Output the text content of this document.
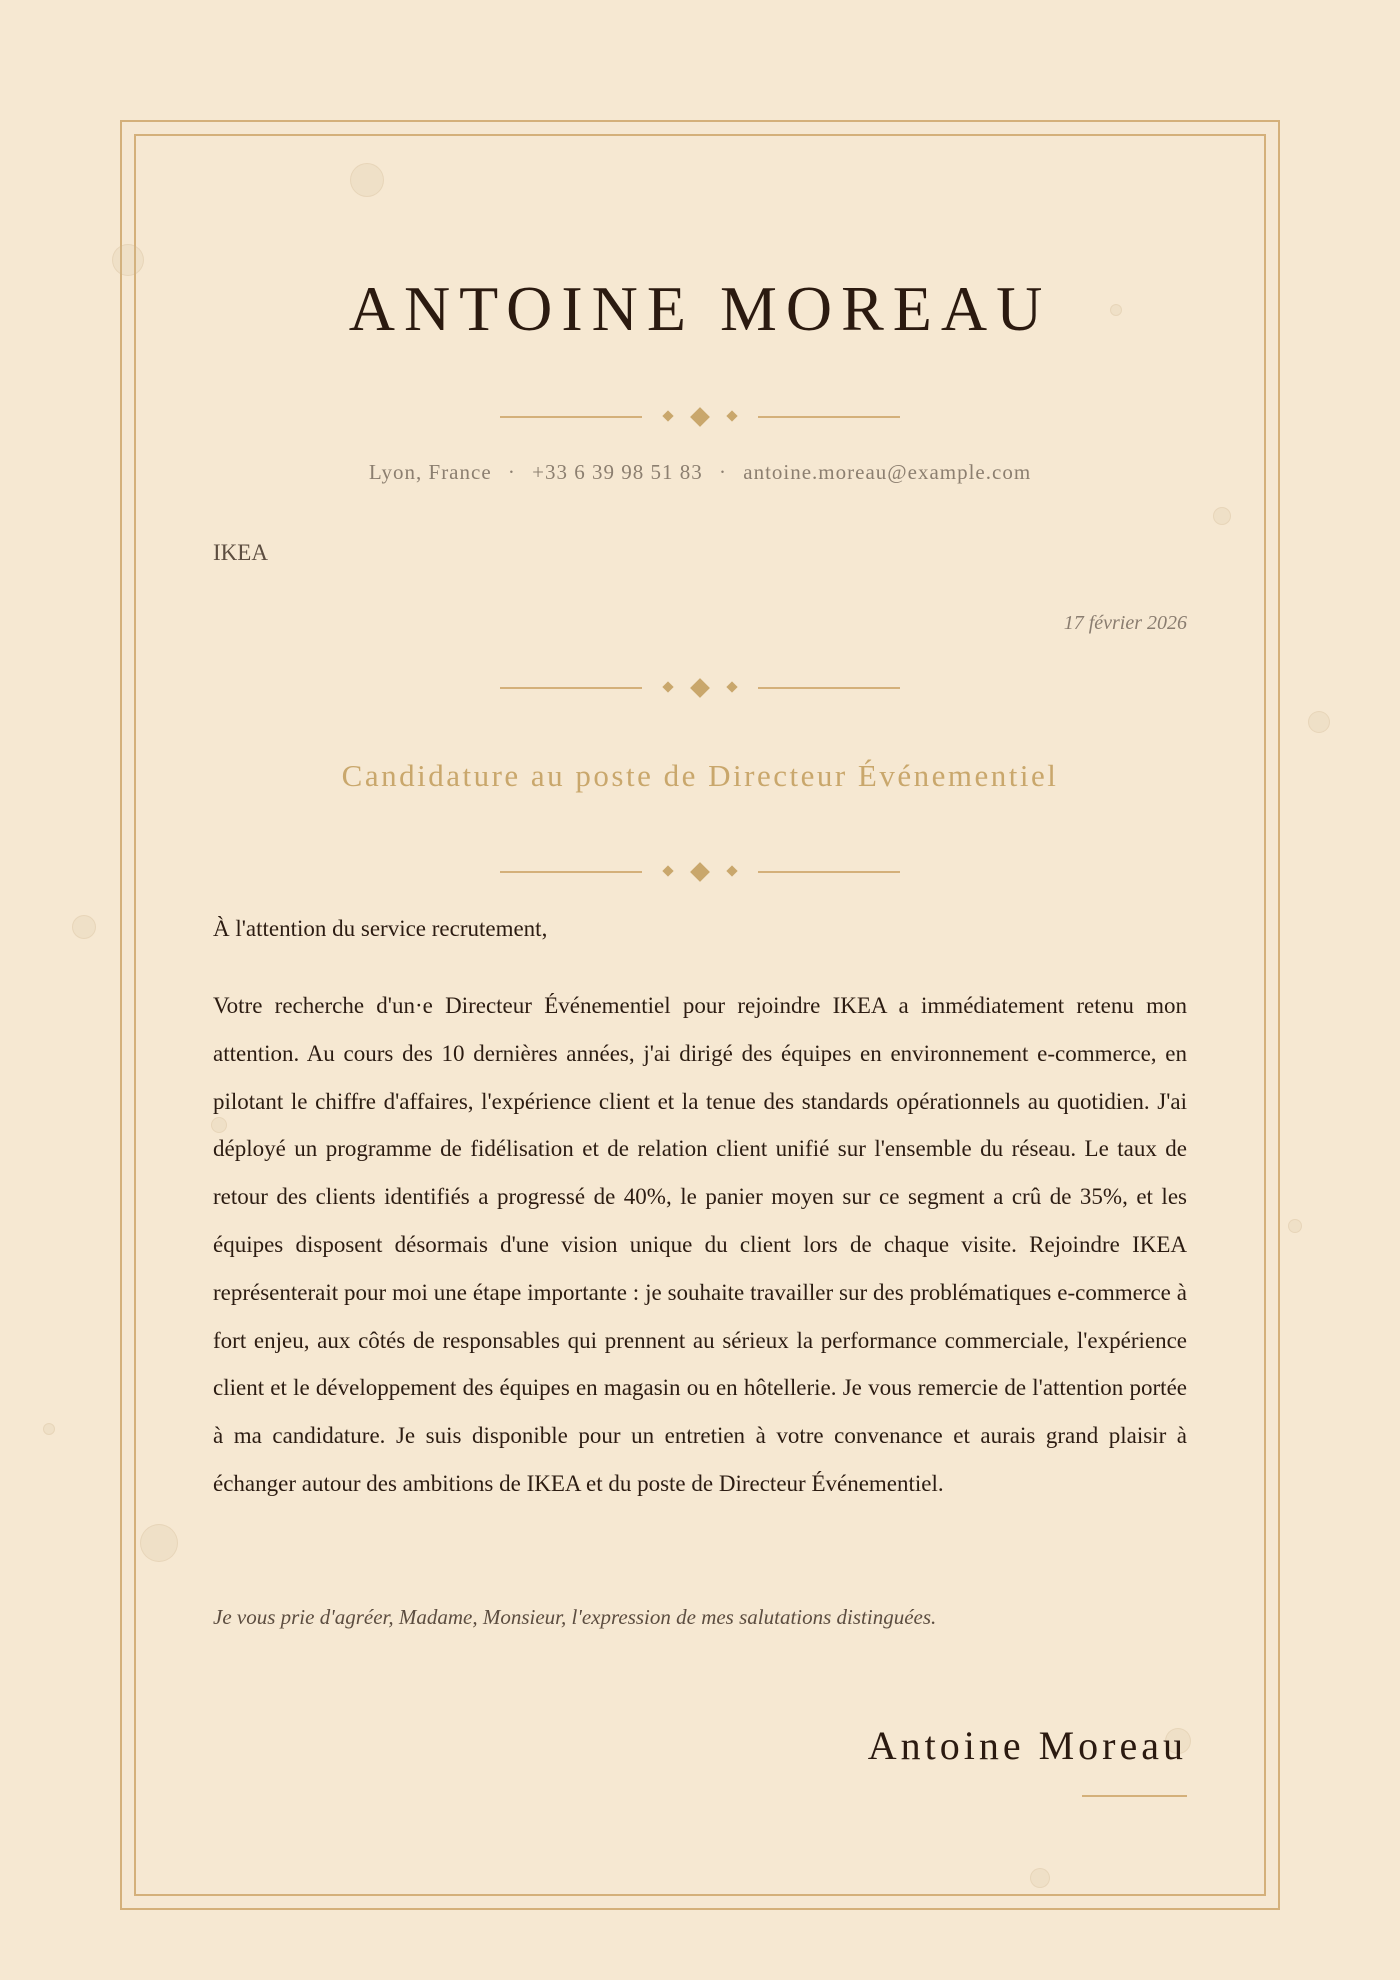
ANTOINE MOREAU
Lyon, France · +33 6 39 98 51 83 · antoine.moreau@example.com
IKEA
17 février 2026
Candidature au poste de Directeur Événementiel
À l'attention du service recrutement,
Votre recherche d'un·e Directeur Événementiel pour rejoindre IKEA a immédiatement retenu mon attention. Au cours des 10 dernières années, j'ai dirigé des équipes en environnement e-commerce, en pilotant le chiffre d'affaires, l'expérience client et la tenue des standards opérationnels au quotidien. J'ai déployé un programme de fidélisation et de relation client unifié sur l'ensemble du réseau. Le taux de retour des clients identifiés a progressé de 40%, le panier moyen sur ce segment a crû de 35%, et les équipes disposent désormais d'une vision unique du client lors de chaque visite. Rejoindre IKEA représenterait pour moi une étape importante : je souhaite travailler sur des problématiques e-commerce à fort enjeu, aux côtés de responsables qui prennent au sérieux la performance commerciale, l'expérience client et le développement des équipes en magasin ou en hôtellerie. Je vous remercie de l'attention portée à ma candidature. Je suis disponible pour un entretien à votre convenance et aurais grand plaisir à échanger autour des ambitions de IKEA et du poste de Directeur Événementiel.
Je vous prie d'agréer, Madame, Monsieur, l'expression de mes salutations distinguées.
Antoine Moreau
